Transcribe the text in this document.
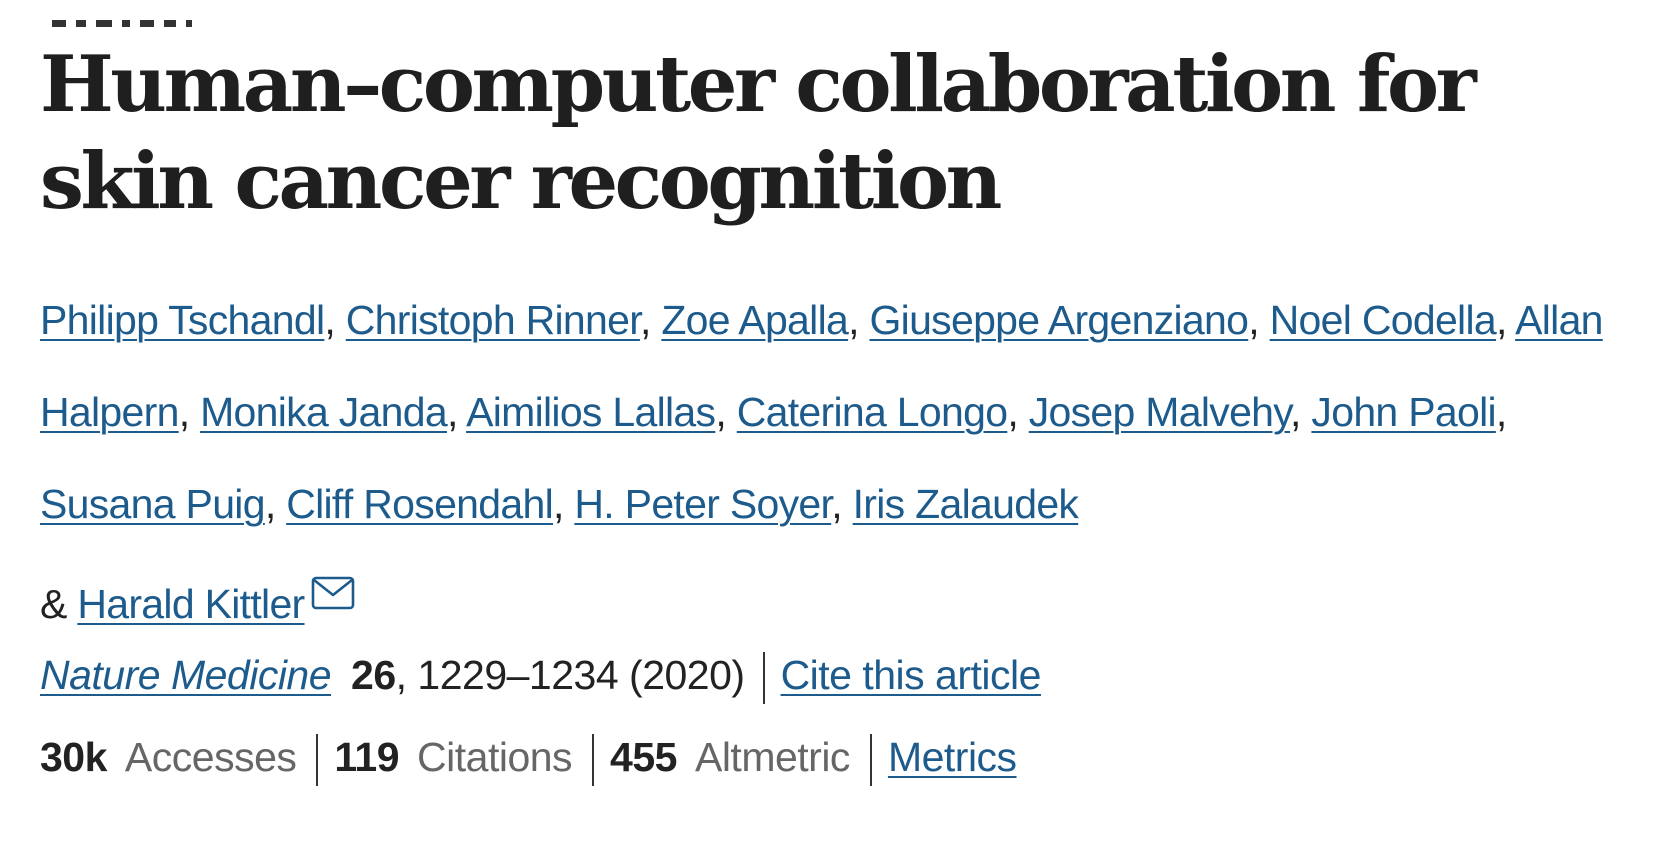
Human–computer collaboration for
skin cancer recognition
Philipp Tschandl, Christoph Rinner, Zoe Apalla, Giuseppe Argenziano, Noel Codella, Allan Halpern, Monika Janda, Aimilios Lallas, Caterina Longo, Josep Malvehy, John Paoli, Susana Puig, Cliff Rosendahl, H. Peter Soyer, Iris Zalaudek
& Harald Kittler
Nature Medicine 26, 1229–1234 (2020) Cite this article
30k Accesses 119 Citations 455 Altmetric Metrics
